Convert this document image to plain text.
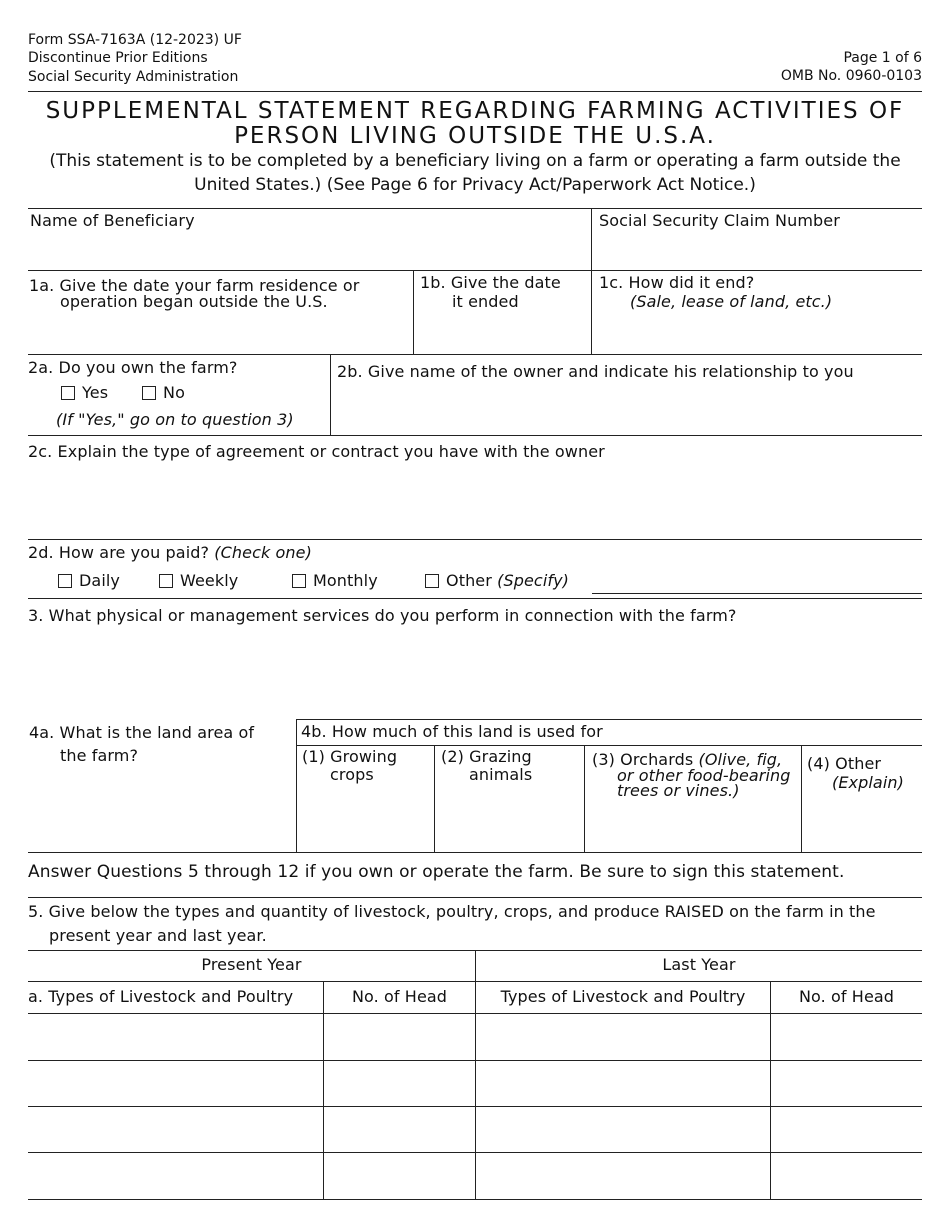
Form SSA-7163A (12-2023) UF
Discontinue Prior Editions
Social Security Administration
Page 1 of 6
OMB No. 0960-0103
SUPPLEMENTAL STATEMENT REGARDING FARMING ACTIVITIES OF
PERSON LIVING OUTSIDE THE U.S.A.
(This statement is to be completed by a beneficiary living on a farm or operating a farm outside the United States.) (See Page 6 for Privacy Act/Paperwork Act Notice.)
Name of Beneficiary	Social Security Claim Number
1a. Give the date your farm residence or
operation began outside the U.S.
1b. Give the date
it ended
1c. How did it end?
(Sale, lease of land, etc.)
2a. Do you own the farm?
Yes	No
(If "Yes," go on to question 3)
2b. Give name of the owner and indicate his relationship to you
2c. Explain the type of agreement or contract you have with the owner
2d. How are you paid? (Check one)
Daily	Weekly	Monthly	Other (Specify)
3. What physical or management services do you perform in connection with the farm?
4a. What is the land area of
the farm?
4b. How much of this land is used for
(1) Growing
crops
(2) Grazing
animals
(3) Orchards (Olive, fig,
or other food-bearing
trees or vines.)
(4) Other
(Explain)
Answer Questions 5 through 12 if you own or operate the farm. Be sure to sign this statement.
5. Give below the types and quantity of livestock, poultry, crops, and produce RAISED on the farm in the
present year and last year.
Present Year	Last Year
a. Types of Livestock and Poultry	No. of Head	Types of Livestock and Poultry	No. of Head
